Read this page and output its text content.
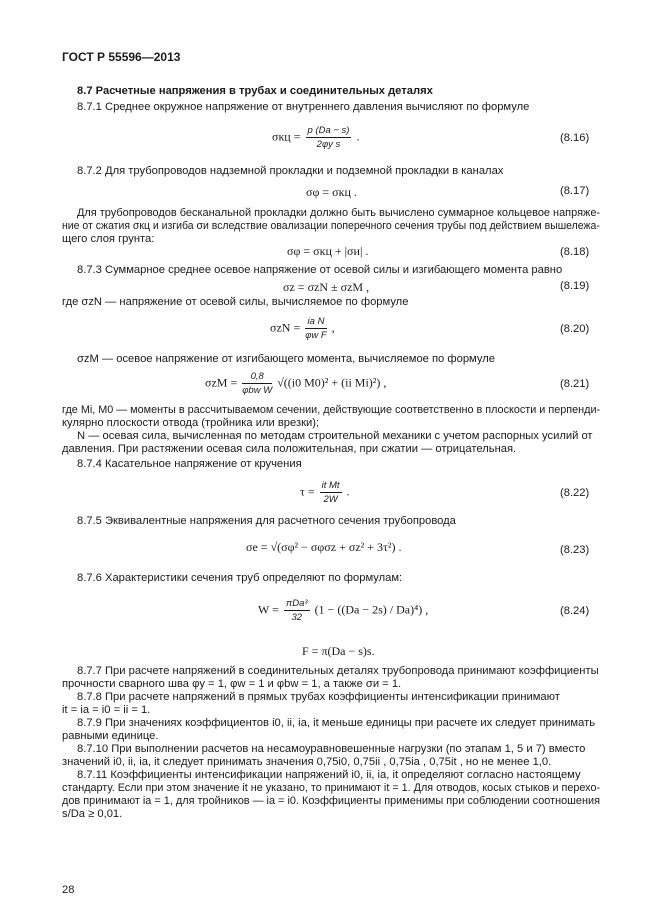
ГОСТ Р 55596—2013
8.7 Расчетные напряжения в трубах и соединительных деталях
8.7.1 Среднее окружное напряжение от внутреннего давления вычисляют по формуле
$\sigma кц = \frac{p (Da - s)}{\text{2φy s}}$ .	(8.16)
8.7.2 Для трубопроводов надземной прокладки и подземной прокладки в каналах
σφ = σкц .	(8.17)
Для трубопроводов бесканальной прокладки должно быть вычислено суммарное кольцевое напряже-
ние от сжатия σкц и изгиба σи вследствие овализации поперечного сечения трубы под действием вышележа-
щего слоя грунта:
σφ = σкц + |σи| .	(8.18)
8.7.3 Суммарное среднее осевое напряжение от осевой силы и изгибающего момента равно
σz = σzN ± σzM ,	(8.19)
где σzN — напряжение от осевой силы, вычисляемое по формуле
$\sigma zN = \frac{\text{ia N}}{\text{φw F}}$ ,	(8.20)
σzM — осевое напряжение от изгибающего момента, вычисляемое по формуле
$\sigma zM = \frac{0,8}{\text{φbw W}} √((i0$ M0)² + (ii Mi)²) ,	(8.21)
где Mi, M0 — моменты в рассчитываемом сечении, действующие соответственно в плоскости и перпенди-
кулярно плоскости отвода (тройника или врезки);
N — осевая сила, вычисленная по методам строительной механики с учетом распорных усилий от
давления. При растяжении осевая сила положительная, при сжатии — отрицательная.
8.7.4 Касательное напряжение от кручения
$\tau = \frac{\text{it Mt}}{2W}$ .	(8.22)
8.7.5 Эквивалентные напряжения для расчетного сечения трубопровода
σe = √(σφ² − σφσz + σz² + 3τ²) .	(8.23)
8.7.6 Характеристики сечения труб определяют по формулам:
$W = \frac{\text{πDa³}}{32} (1 - ((Da - 2s) / Da)^4)$ ,	(8.24)
F = π(Da − s)s.
8.7.7 При расчете напряжений в соединительных деталях трубопровода принимают коэффициенты
прочности сварного шва φy = 1, φw = 1 и φbw = 1, а также σи = 1.
8.7.8 При расчете напряжений в прямых трубах коэффициенты интенсификации принимают
it = ia = i0 = ii = 1.
8.7.9 При значениях коэффициентов i0, ii, ia, it меньше единицы при расчете их следует принимать
равными единице.
8.7.10 При выполнении расчетов на несамоуравновешенные нагрузки (по этапам 1, 5 и 7) вместо
значений i0, ii, ia, it следует принимать значения 0,75i0, 0,75ii , 0,75ia , 0,75it , но не менее 1,0.
8.7.11 Коэффициенты интенсификации напряжений i0, ii, ia, it определяют согласно настоящему
стандарту. Если при этом значение it не указано, то принимают it = 1. Для отводов, косых стыков и перехо-
дов принимают ia = 1, для тройников — ia = i0. Коэффициенты применимы при соблюдении соотношения
s/Da ≥ 0,01.
28
